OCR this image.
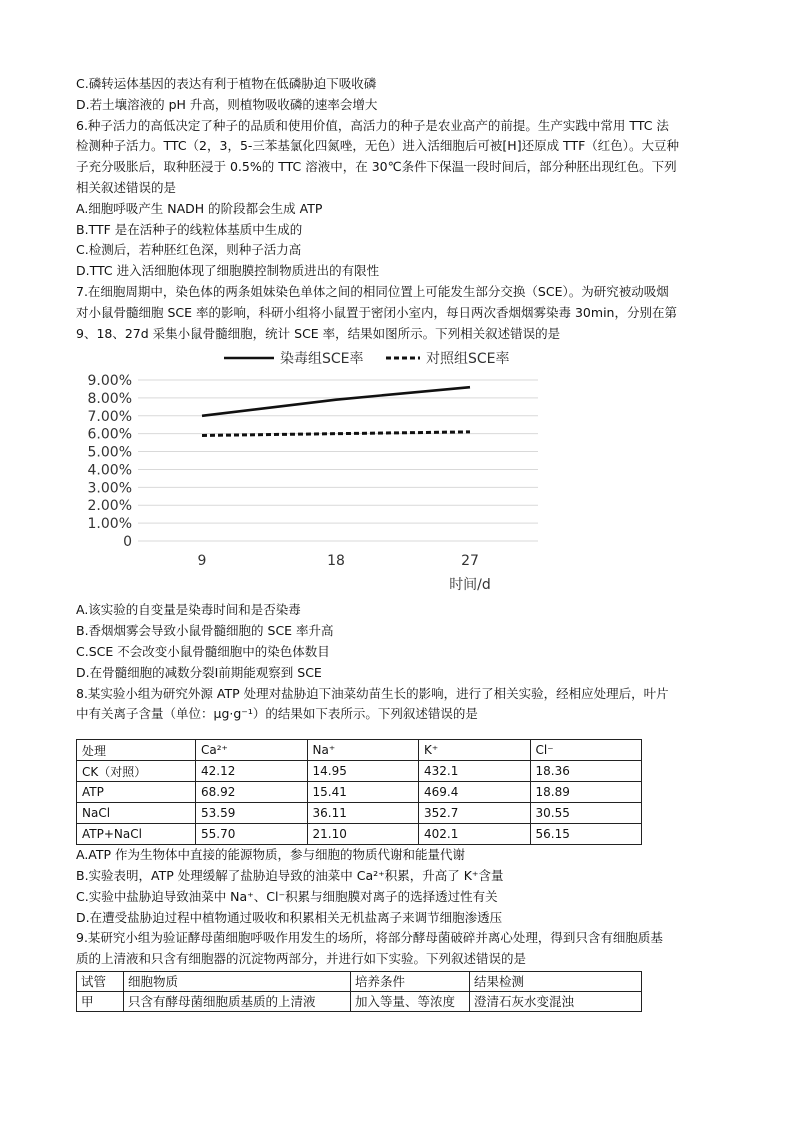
C.磷转运体基因的表达有利于植物在低磷胁迫下吸收磷
D.若土壤溶液的 pH 升高，则植物吸收磷的速率会增大
6.种子活力的高低决定了种子的品质和使用价值，高活力的种子是农业高产的前提。生产实践中常用 TTC 法
检测种子活力。TTC（2，3，5-三苯基氯化四氮唑，无色）进入活细胞后可被[H]还原成 TTF（红色）。大豆种
子充分吸胀后，取种胚浸于 0.5%的 TTC 溶液中，在 30℃条件下保温一段时间后，部分种胚出现红色。下列
相关叙述错误的是
A.细胞呼吸产生 NADH 的阶段都会生成 ATP
B.TTF 是在活种子的线粒体基质中生成的
C.检测后，若种胚红色深，则种子活力高
D.TTC 进入活细胞体现了细胞膜控制物质进出的有限性
7.在细胞周期中，染色体的两条姐妹染色单体之间的相同位置上可能发生部分交换（SCE）。为研究被动吸烟
对小鼠骨髓细胞 SCE 率的影响，科研小组将小鼠置于密闭小室内，每日两次香烟烟雾染毒 30min，分别在第
9、18、27d 采集小鼠骨髓细胞，统计 SCE 率，结果如图所示。下列相关叙述错误的是
9.00%
8.00%
7.00%
6.00%
5.00%
4.00%
3.00%
2.00%
1.00%
0
9	18	27
时间/d
染毒组SCE率	对照组SCE率
A.该实验的自变量是染毒时间和是否染毒
B.香烟烟雾会导致小鼠骨髓细胞的 SCE 率升高
C.SCE 不会改变小鼠骨髓细胞中的染色体数目
D.在骨髓细胞的减数分裂Ⅰ前期能观察到 SCE
8.某实验小组为研究外源 ATP 处理对盐胁迫下油菜幼苗生长的影响，进行了相关实验，经相应处理后，叶片
中有关离子含量（单位：μg·g⁻¹）的结果如下表所示。下列叙述错误的是
处理	Ca²⁺	Na⁺	K⁺	Cl⁻
CK（对照）	42.12	14.95	432.1	18.36
ATP	68.92	15.41	469.4	18.89
NaCl	53.59	36.11	352.7	30.55
ATP+NaCl	55.70	21.10	402.1	56.15
A.ATP 作为生物体中直接的能源物质，参与细胞的物质代谢和能量代谢
B.实验表明，ATP 处理缓解了盐胁迫导致的油菜中 Ca²⁺积累，升高了 K⁺含量
C.实验中盐胁迫导致油菜中 Na⁺、Cl⁻积累与细胞膜对离子的选择透过性有关
D.在遭受盐胁迫过程中植物通过吸收和积累相关无机盐离子来调节细胞渗透压
9.某研究小组为验证酵母菌细胞呼吸作用发生的场所，将部分酵母菌破碎并离心处理，得到只含有细胞质基
质的上清液和只含有细胞器的沉淀物两部分，并进行如下实验。下列叙述错误的是
试管	细胞物质	培养条件	结果检测
甲	只含有酵母菌细胞质基质的上清液	加入等量、等浓度	澄清石灰水变混浊
